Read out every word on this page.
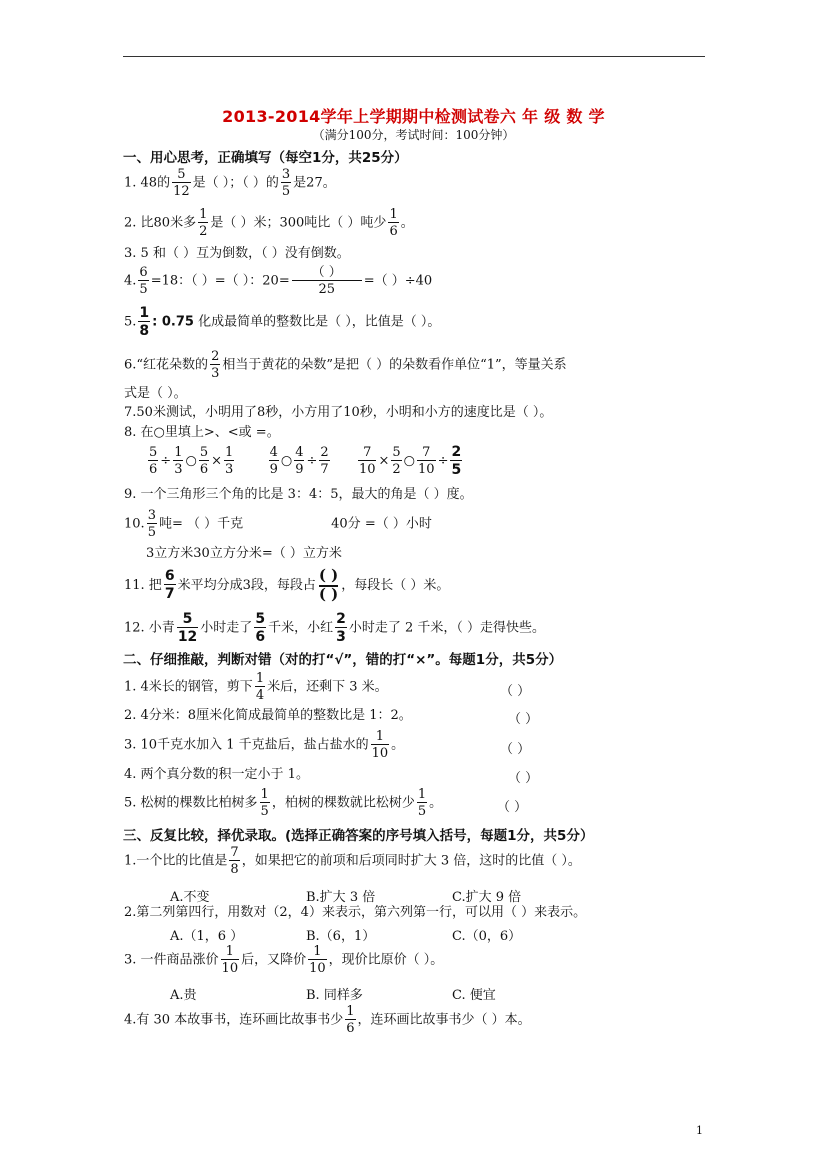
2013-2014学年上学期期中检测试卷六 年 级 数 学
（满分100分，考试时间：100分钟）
一、用心思考，正确填写（每空1分，共25分）
1. 48的 $\frac{5}{12}$ 是（ ）；（ ）的 $\frac{3}{5}$ 是27。
2. 比80米多 $\frac{1}{2}$ 是（ ）米；300吨比（ ）吨少 $\frac{1}{6}$ 。
3. 5 和（ ）互为倒数，（ ）没有倒数。
4. $\frac{6}{5} =18$：（ ）=（ ）：$20= \frac{( )}{25}$ =（ ）÷40
5. $\frac{1}{8}$ : 0.75 化成最简单的整数比是（ ），比值是（ ）。
6.“红花朵数的 $\frac{2}{3}$ 相当于黄花的朵数”是把（ ）的朵数看作单位“1”，等量关系
式是（ ）。
7.50米测试，小明用了8秒，小方用了10秒，小明和小方的速度比是（ ）。
8. 在○里填上>、<或 =。
$\frac{5}{6} \div \frac{1}{3}$ ○ $\frac{5}{6} \times \frac{1}{3}$
	$\frac{4}{9}$ ○ $\frac{4}{9} \div \frac{2}{7}$
$\frac{7}{10} \times \frac{5}{2}$ ○ $\frac{7}{10} \div \frac{2}{5}$
9. 一个三角形三个角的比是 3：4：5，最大的角是（ ）度。
10. $\frac{3}{5}$ 吨= （ ）千克	40分 =（ ）小时
3立方米30立方分米=（ ）立方米
11. 把 $\frac{6}{7}$ 米平均分成3段，每段占
( )
( ) ，每段长（ ）米。
12. 小青 $\frac{5}{12}$ 小时走了 $\frac{5}{6}$ 千米，小红 $\frac{2}{3}$ 小时走了 2 千米，（ ）走得快些。
二、仔细推敲，判断对错（对的打“√”，错的打“×”。每题1分，共5分）
1. 4米长的钢管，剪下 $\frac{1}{4}$ 米后，还剩下 3 米。	（ ）
2. 4分米：8厘米化简成最简单的整数比是 1：2。	（ ）
3. 10千克水加入 1 千克盐后，盐占盐水的 $\frac{1}{10}$ 。	（ ）
4. 两个真分数的积一定小于 1。	（ ）
5. 松树的棵数比柏树多 $\frac{1}{5}$ ，柏树的棵数就比松树少 $\frac{1}{5}$ 。	（ ）
三、反复比较，择优录取。(选择正确答案的序号填入括号，每题1分，共5分）
1.一个比的比值是 $\frac{7}{8}$ ，如果把它的前项和后项同时扩大 3 倍，这时的比值（ ）。
A.不变	B.扩大 3 倍	C.扩大 9 倍
2.第二列第四行，用数对（2，4）来表示，第六列第一行，可以用（ ）来表示。
A.（1，6 ）	B.（6，1）	C.（0，6）
3. 一件商品涨价 $\frac{1}{10}$ 后，又降价 $\frac{1}{10}$ ，现价比原价（ ）。
A.贵	B. 同样多	C. 便宜
4.有 30 本故事书，连环画比故事书少 $\frac{1}{6}$ ，连环画比故事书少（ ）本。
1
